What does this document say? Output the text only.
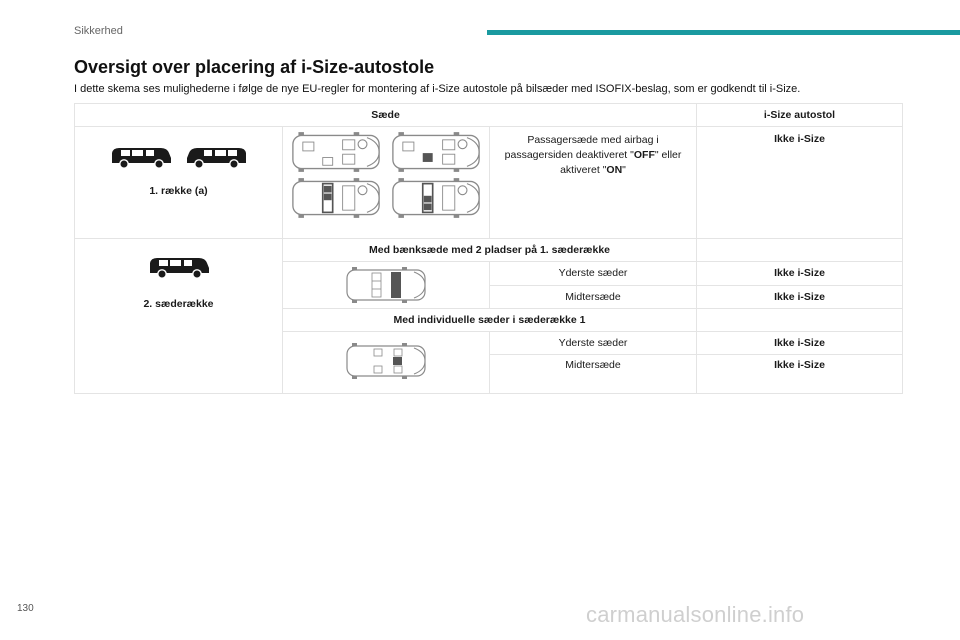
Sikkerhed
Oversigt over placering af i-Size-autostole
I dette skema ses mulighederne i følge de nye EU-regler for montering af i-Size autostole på bilsæder med ISOFIX-beslag, som er godkendt til i-Size.
Sæde			i-Size autostol

1. række (a)		Passagersæde med airbag i passagersiden deaktiveret "OFF" eller aktiveret "ON"	Ikke i-Size

2. sæderække	Med bænksæde med 2 pladser på 1. sæderække		

	Yderste sæder	Ikke i-Size
		Midtersæde	Ikke i-Size
	Med individuelle sæder i sæderække 1		

	Yderste sæder	Ikke i-Size
		Midtersæde	Ikke i-Size
130	carmanualsonline.info
